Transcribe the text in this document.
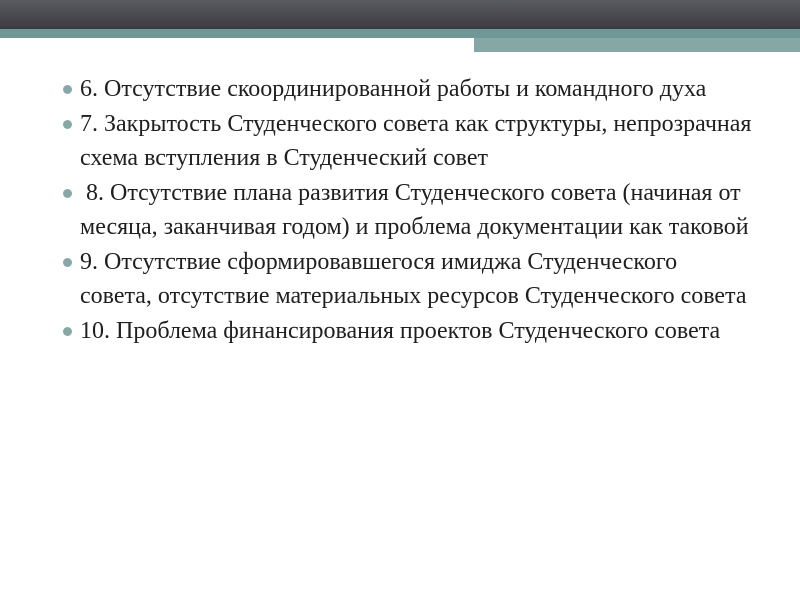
6. Отсутствие скоординированной работы и командного духа
7. Закрытость Студенческого совета как структуры, непрозрачная схема вступления в Студенческий совет
8. Отсутствие плана развития Студенческого совета (начиная от месяца, заканчивая годом) и проблема документации как таковой
9. Отсутствие сформировавшегося имиджа Студенческого совета, отсутствие материальных ресурсов Студенческого совета
10. Проблема финансирования проектов Студенческого совета
